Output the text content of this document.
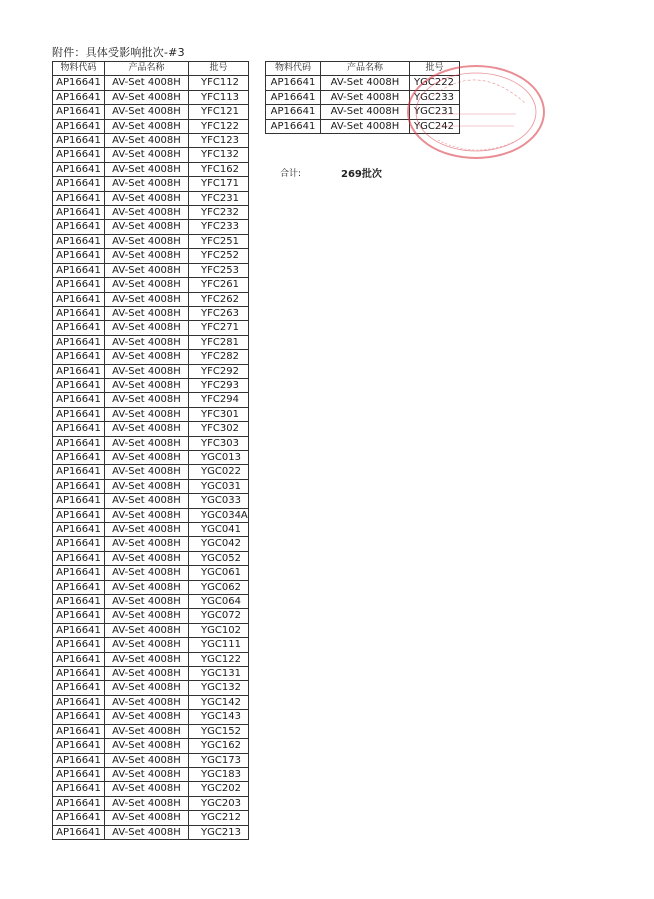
附件：具体受影响批次-#3
物料代码	产品名称	批号
AP16641	AV-Set 4008H	YFC112
AP16641	AV-Set 4008H	YFC113
AP16641	AV-Set 4008H	YFC121
AP16641	AV-Set 4008H	YFC122
AP16641	AV-Set 4008H	YFC123
AP16641	AV-Set 4008H	YFC132
AP16641	AV-Set 4008H	YFC162
AP16641	AV-Set 4008H	YFC171
AP16641	AV-Set 4008H	YFC231
AP16641	AV-Set 4008H	YFC232
AP16641	AV-Set 4008H	YFC233
AP16641	AV-Set 4008H	YFC251
AP16641	AV-Set 4008H	YFC252
AP16641	AV-Set 4008H	YFC253
AP16641	AV-Set 4008H	YFC261
AP16641	AV-Set 4008H	YFC262
AP16641	AV-Set 4008H	YFC263
AP16641	AV-Set 4008H	YFC271
AP16641	AV-Set 4008H	YFC281
AP16641	AV-Set 4008H	YFC282
AP16641	AV-Set 4008H	YFC292
AP16641	AV-Set 4008H	YFC293
AP16641	AV-Set 4008H	YFC294
AP16641	AV-Set 4008H	YFC301
AP16641	AV-Set 4008H	YFC302
AP16641	AV-Set 4008H	YFC303
AP16641	AV-Set 4008H	YGC013
AP16641	AV-Set 4008H	YGC022
AP16641	AV-Set 4008H	YGC031
AP16641	AV-Set 4008H	YGC033
AP16641	AV-Set 4008H	YGC034A
AP16641	AV-Set 4008H	YGC041
AP16641	AV-Set 4008H	YGC042
AP16641	AV-Set 4008H	YGC052
AP16641	AV-Set 4008H	YGC061
AP16641	AV-Set 4008H	YGC062
AP16641	AV-Set 4008H	YGC064
AP16641	AV-Set 4008H	YGC072
AP16641	AV-Set 4008H	YGC102
AP16641	AV-Set 4008H	YGC111
AP16641	AV-Set 4008H	YGC122
AP16641	AV-Set 4008H	YGC131
AP16641	AV-Set 4008H	YGC132
AP16641	AV-Set 4008H	YGC142
AP16641	AV-Set 4008H	YGC143
AP16641	AV-Set 4008H	YGC152
AP16641	AV-Set 4008H	YGC162
AP16641	AV-Set 4008H	YGC173
AP16641	AV-Set 4008H	YGC183
AP16641	AV-Set 4008H	YGC202
AP16641	AV-Set 4008H	YGC203
AP16641	AV-Set 4008H	YGC212
AP16641	AV-Set 4008H	YGC213
物料代码	产品名称	批号
AP16641	AV-Set 4008H	YGC222
AP16641	AV-Set 4008H	YGC233
AP16641	AV-Set 4008H	YGC231
AP16641	AV-Set 4008H	YGC242
合计:	269批次
